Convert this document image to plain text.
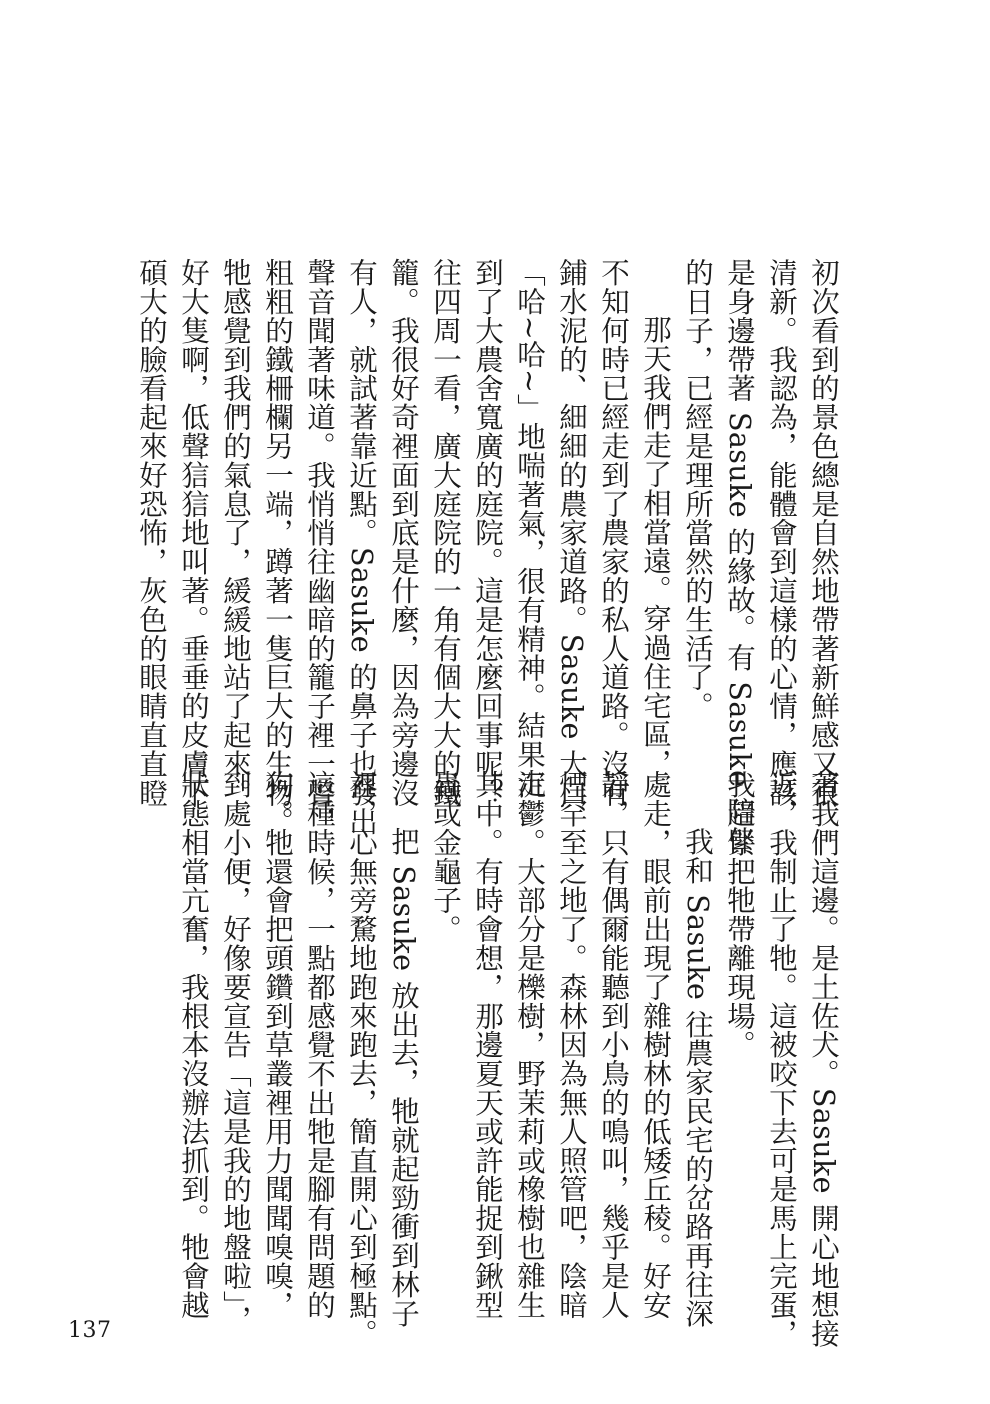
初次看到的景色總是自然地帶著新鮮感又很
清新。我認為，能體會到這樣的心情，應該
是身邊帶著 Sasuke 的緣故。有 Sasuke 陪伴
的日子，已經是理所當然的生活了。
那天我們走了相當遠。穿過住宅區，
不知何時已經走到了農家的私人道路。沒有
鋪水泥的、細細的農家道路。Sasuke 大口
「哈∼哈∼」地喘著氣，很有精神。結果走
到了大農舍寬廣的庭院。這是怎麼回事呢？
往四周一看，廣大庭院的一角有個大大的鐵
籠。我很好奇裡面到底是什麼，因為旁邊沒
有人，就試著靠近點。Sasuke 的鼻子也發出
聲音聞著味道。我悄悄往幽暗的籠子裡一瞥，
粗粗的鐵柵欄另一端，蹲著一隻巨大的生物。
牠感覺到我們的氣息了，緩緩地站了起來。
好大隻啊，低聲狺狺地叫著。垂垂的皮膚下
碩大的臉看起來好恐怖，灰色的眼睛直直瞪
著我們這邊。是土佐犬。Sasuke 開心地想接
近，我制止了牠。這被咬下去可是馬上完蛋，
我趕緊把牠帶離現場。
我和 Sasuke 往農家民宅的岔路再往深
處走，眼前出現了雜樹林的低矮丘稜。好安
靜，只有偶爾能聽到小鳥的鳴叫，幾乎是人
煙罕至之地了。森林因為無人照管吧，陰暗
沉鬱。大部分是櫟樹，野茉莉或橡樹也雜生
其中。有時會想，那邊夏天或許能捉到鍬型
蟲或金龜子。
把 Sasuke 放出去，牠就起勁衝到林子
裡，心無旁騖地跑來跑去，簡直開心到極點。
這種時候，一點都感覺不出牠是腳有問題的
狗。牠還會把頭鑽到草叢裡用力聞聞嗅嗅，
到處小便，好像要宣告「這是我的地盤啦」，
狀態相當亢奮，我根本沒辦法抓到。牠會越
137
